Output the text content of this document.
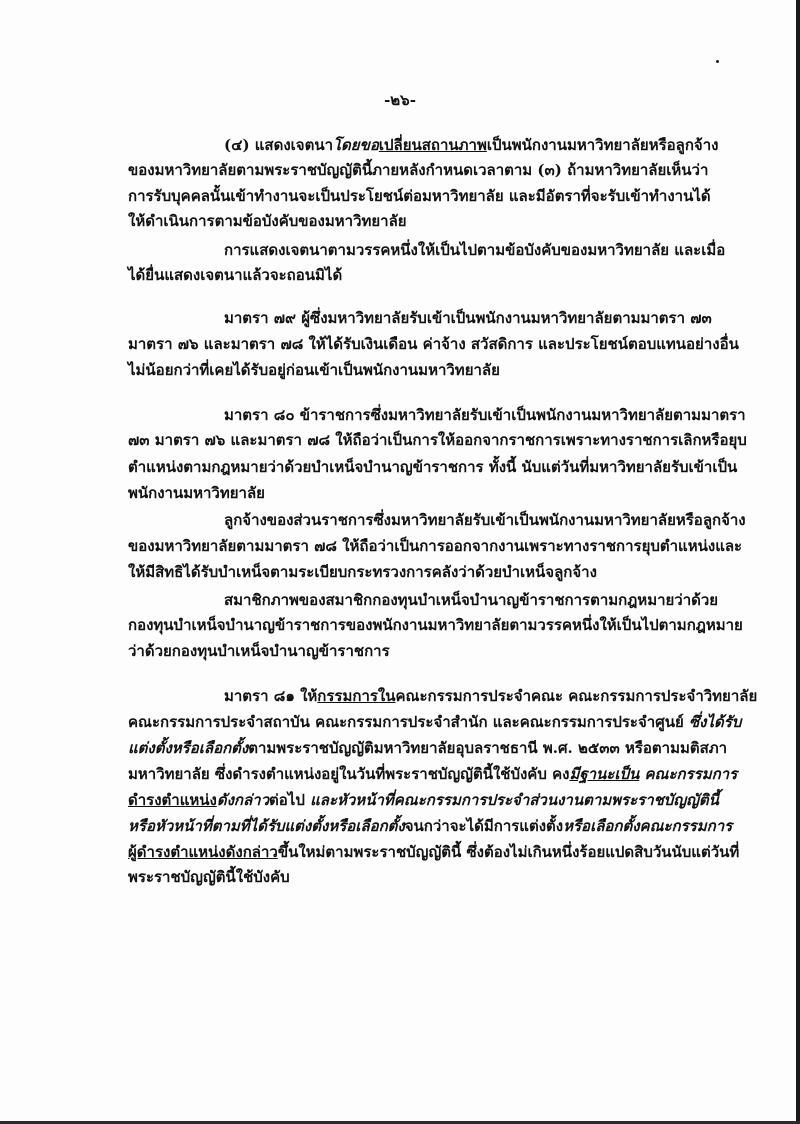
-๒๖-
(๔) แสดงเจตนาโดยขอเปลี่ยนสถานภาพเป็นพนักงานมหาวิทยาลัยหรือลูกจ้าง
ของมหาวิทยาลัยตามพระราชบัญญัตินี้ภายหลังกำหนดเวลาตาม (๓) ถ้ามหาวิทยาลัยเห็นว่า
การรับบุคคลนั้นเข้าทำงานจะเป็นประโยชน์ต่อมหาวิทยาลัย และมีอัตราที่จะรับเข้าทำงานได้
ให้ดำเนินการตามข้อบังคับของมหาวิทยาลัย
การแสดงเจตนาตามวรรคหนึ่งให้เป็นไปตามข้อบังคับของมหาวิทยาลัย และเมื่อ
ได้ยื่นแสดงเจตนาแล้วจะถอนมิได้
มาตรา ๗๙ ผู้ซึ่งมหาวิทยาลัยรับเข้าเป็นพนักงานมหาวิทยาลัยตามมาตรา ๗๓
มาตรา ๗๖ และมาตรา ๗๘ ให้ได้รับเงินเดือน ค่าจ้าง สวัสดิการ และประโยชน์ตอบแทนอย่างอื่น
ไม่น้อยกว่าที่เคยได้รับอยู่ก่อนเข้าเป็นพนักงานมหาวิทยาลัย
มาตรา ๘๐ ข้าราชการซึ่งมหาวิทยาลัยรับเข้าเป็นพนักงานมหาวิทยาลัยตามมาตรา
๗๓ มาตรา ๗๖ และมาตรา ๗๘ ให้ถือว่าเป็นการให้ออกจากราชการเพราะทางราชการเลิกหรือยุบ
ตำแหน่งตามกฎหมายว่าด้วยบำเหน็จบำนาญข้าราชการ ทั้งนี้ นับแต่วันที่มหาวิทยาลัยรับเข้าเป็น
พนักงานมหาวิทยาลัย
ลูกจ้างของส่วนราชการซึ่งมหาวิทยาลัยรับเข้าเป็นพนักงานมหาวิทยาลัยหรือลูกจ้าง
ของมหาวิทยาลัยตามมาตรา ๗๘ ให้ถือว่าเป็นการออกจากงานเพราะทางราชการยุบตำแหน่งและ
ให้มีสิทธิได้รับบำเหน็จตามระเบียบกระทรวงการคลังว่าด้วยบำเหน็จลูกจ้าง
สมาชิกภาพของสมาชิกกองทุนบำเหน็จบำนาญข้าราชการตามกฎหมายว่าด้วย
กองทุนบำเหน็จบำนาญข้าราชการของพนักงานมหาวิทยาลัยตามวรรคหนึ่งให้เป็นไปตามกฎหมาย
ว่าด้วยกองทุนบำเหน็จบำนาญข้าราชการ
มาตรา ๘๑ ให้กรรมการในคณะกรรมการประจำคณะ คณะกรรมการประจำวิทยาลัย
คณะกรรมการประจำสถาบัน คณะกรรมการประจำสำนัก และคณะกรรมการประจำศูนย์ ซึ่งได้รับ
แต่งตั้งหรือเลือกตั้งตามพระราชบัญญัติมหาวิทยาลัยอุบลราชธานี พ.ศ. ๒๕๓๓ หรือตามมติสภา
มหาวิทยาลัย ซึ่งดำรงตำแหน่งอยู่ในวันที่พระราชบัญญัตินี้ใช้บังคับ คงมีฐานะเป็น คณะกรรมการ
ดำรงตำแหน่งดังกล่าวต่อไป และหัวหน้าที่คณะกรรมการประจำส่วนงานตามพระราชบัญญัตินี้
หรือหัวหน้าที่ตามที่ได้รับแต่งตั้งหรือเลือกตั้งจนกว่าจะได้มีการแต่งตั้งหรือเลือกตั้งคณะกรรมการ
ผู้ดำรงตำแหน่งดังกล่าวขึ้นใหม่ตามพระราชบัญญัตินี้ ซึ่งต้องไม่เกินหนึ่งร้อยแปดสิบวันนับแต่วันที่
พระราชบัญญัตินี้ใช้บังคับ
